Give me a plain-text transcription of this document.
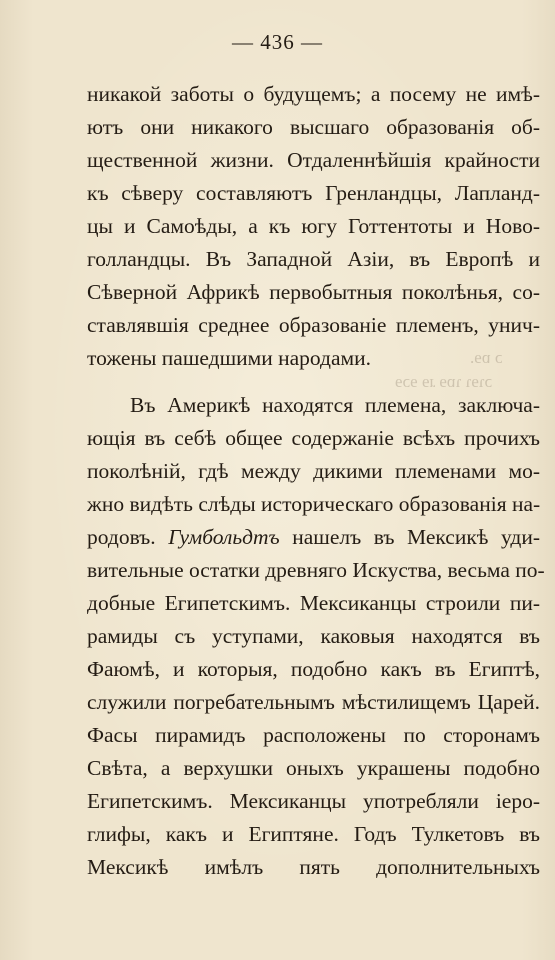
— 436 —
никакой заботы о будущемъ; а посему не имѣ-
ютъ они никакого высшаго образованія об-
щественной жизни. Отдаленнѣйшія крайности
къ сѣверу составляютъ Гренландцы, Лапланд-
цы и Самоѣды, а къ югу Готтентоты и Ново-
голландцы. Въ Западной Азіи, въ Европѣ и
Сѣверной Африкѣ первобытныя поколѣнья, со-
ставлявшія среднее образованіе племенъ, унич-
тожены пашедшими народами.	ɔ ɒɘ.
ɔɿɘɿ ɿɒɘ ɹɘ ɘɔɘ
Въ Америкѣ находятся племена, заключа-
ющія въ себѣ общее содержаніе всѣхъ прочихъ
поколѣній, гдѣ между дикими племенами мо-
жно видѣть слѣды историческаго образованія на-
родовъ. Гумбольдтъ нашелъ въ Мексикѣ уди-
вительные остатки древняго Искуства, весьма по-
добные Египетскимъ. Мексиканцы строили пи-
рамиды съ уступами, каковыя находятся въ
Фаюмѣ, и которыя, подобно какъ въ Египтѣ,
служили погребательнымъ мѣстилищемъ Царей.
Фасы пирамидъ расположены по сторонамъ
Свѣта, а верхушки оныхъ украшены подобно
Египетскимъ. Мексиканцы употребляли iеро-
глифы, какъ и Египтяне. Годъ Тулкетовъ въ
Мексикѣ имѣлъ пять дополнительныхъ
